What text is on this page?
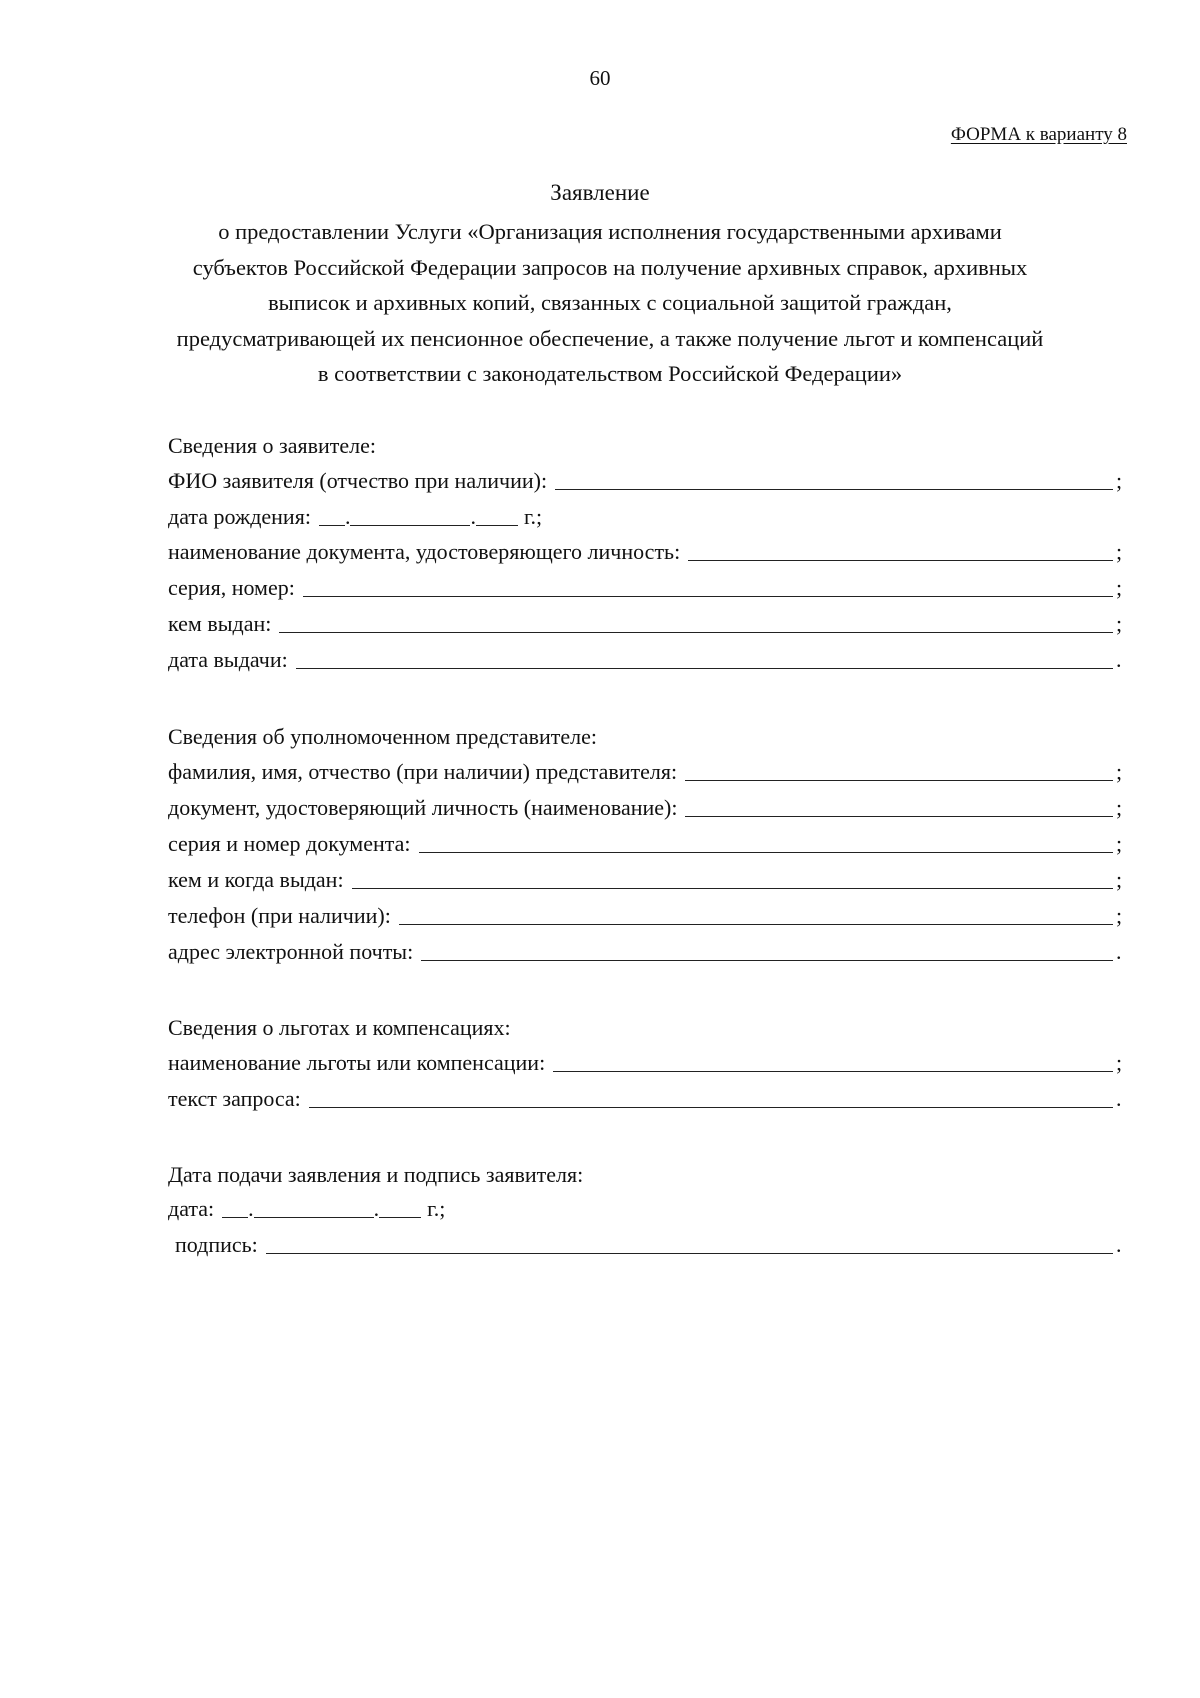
60
ФОРМА к варианту 8
Заявление
о предоставлении Услуги «Организация исполнения государственными архивами
субъектов Российской Федерации запросов на получение архивных справок, архивных
выписок и архивных копий, связанных с социальной защитой граждан,
предусматривающей их пенсионное обеспечение, а также получение льгот и компенсаций
в соответствии с законодательством Российской Федерации»
Сведения о заявителе:
ФИО заявителя (отчество при наличии):	;
дата рождения: .	. г.;
наименование документа, удостоверяющего личность:	;
серия, номер:	;
кем выдан:	;
дата выдачи:	.
Сведения об уполномоченном представителе:
фамилия, имя, отчество (при наличии) представителя:	;
документ, удостоверяющий личность (наименование):	;
серия и номер документа:	;
кем и когда выдан:	;
телефон (при наличии):	;
адрес электронной почты:	.
Сведения о льготах и компенсациях:
наименование льготы или компенсации:	;
текст запроса:	.
Дата подачи заявления и подпись заявителя:
дата: .	. г.;
подпись:	.
